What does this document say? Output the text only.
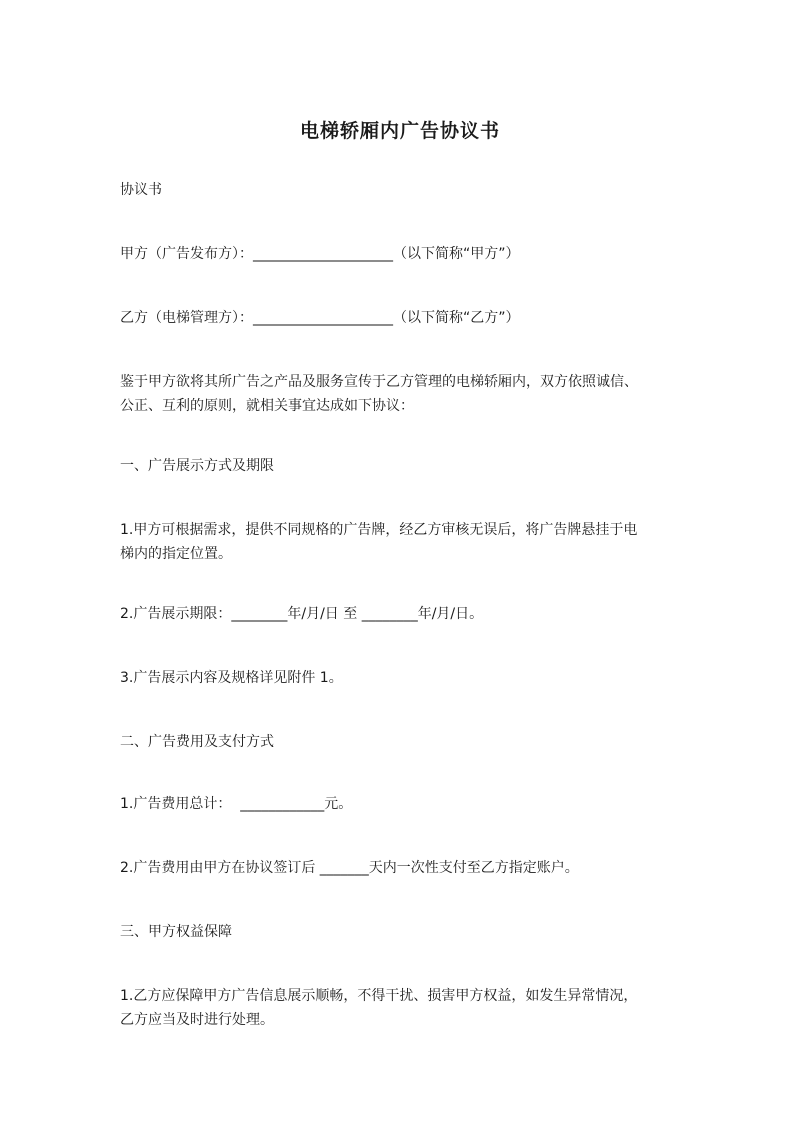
电梯轿厢内广告协议书
协议书
甲方（广告发布方）：____________________（以下简称“甲方”）
乙方（电梯管理方）：____________________（以下简称“乙方”）
鉴于甲方欲将其所广告之产品及服务宣传于乙方管理的电梯轿厢内，双方依照诚信、
公正、互利的原则，就相关事宜达成如下协议：
一、广告展示方式及期限
1.甲方可根据需求，提供不同规格的广告牌，经乙方审核无误后，将广告牌悬挂于电
梯内的指定位置。
2.广告展示期限：________年/月/日 至 ________年/月/日。
3.广告展示内容及规格详见附件 1。
二、广告费用及支付方式
1.广告费用总计：  ____________元。
2.广告费用由甲方在协议签订后 _______天内一次性支付至乙方指定账户。
三、甲方权益保障
1.乙方应保障甲方广告信息展示顺畅，不得干扰、损害甲方权益，如发生异常情况，
乙方应当及时进行处理。
